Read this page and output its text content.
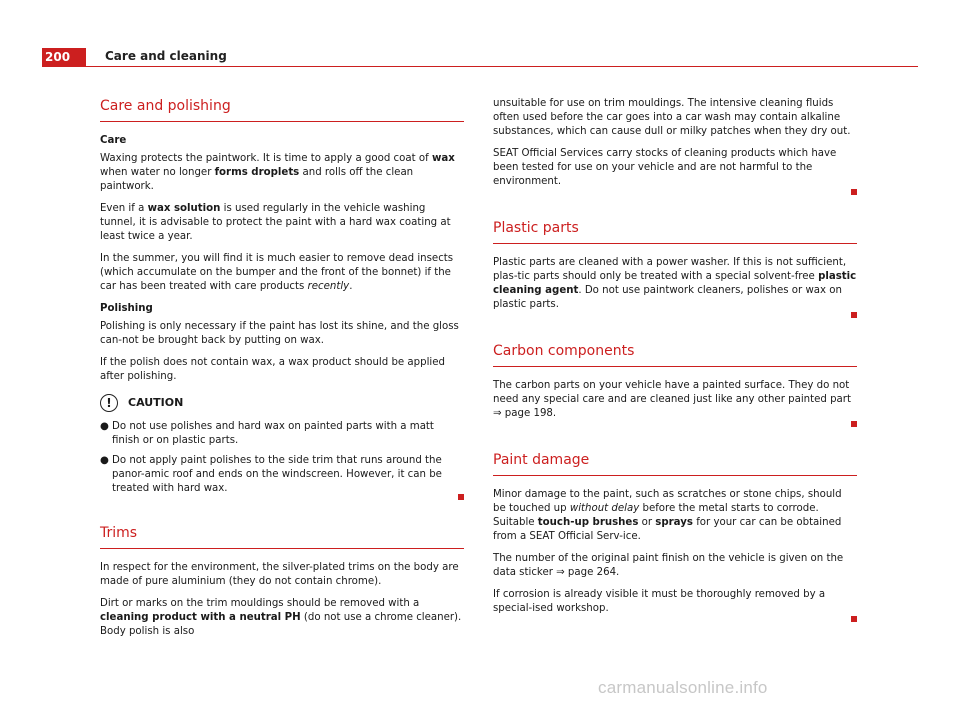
200	Care and cleaning
Care and polishing
Care

Waxing protects the paintwork. It is time to apply a good coat of wax when water no longer forms droplets and rolls off the clean paintwork.

Even if a wax solution is used regularly in the vehicle washing tunnel, it is advisable to protect the paint with a hard wax coating at least twice a year.

In the summer, you will find it is much easier to remove dead insects (which accumulate on the bumper and the front of the bonnet) if the car has been treated with care products recently.

Polishing

Polishing is only necessary if the paint has lost its shine, and the gloss can-not be brought back by putting on wax.

If the polish does not contain wax, a wax product should be applied after polishing.

!	CAUTION
● Do not use polishes and hard wax on painted parts with a matt finish or on plastic parts.
● Do not apply paint polishes to the side trim that runs around the panor-amic roof and ends on the windscreen. However, it can be treated with hard wax.
Trims

In respect for the environment, the silver-plated trims on the body are made of pure aluminium (they do not contain chrome).

Dirt or marks on the trim mouldings should be removed with a cleaning product with a neutral PH (do not use a chrome cleaner). Body polish is also

unsuitable for use on trim mouldings. The intensive cleaning fluids often used before the car goes into a car wash may contain alkaline substances, which can cause dull or milky patches when they dry out.

SEAT Official Services carry stocks of cleaning products which have been tested for use on your vehicle and are not harmful to the environment.

Plastic parts

Plastic parts are cleaned with a power washer. If this is not sufficient, plas-tic parts should only be treated with a special solvent-free plastic cleaning agent. Do not use paintwork cleaners, polishes or wax on plastic parts.

Carbon components

The carbon parts on your vehicle have a painted surface. They do not need any special care and are cleaned just like any other painted part ⇒ page 198.

Paint damage

Minor damage to the paint, such as scratches or stone chips, should be touched up without delay before the metal starts to corrode. Suitable touch-up brushes or sprays for your car can be obtained from a SEAT Official Serv-ice.

The number of the original paint finish on the vehicle is given on the data sticker ⇒ page 264.

If corrosion is already visible it must be thoroughly removed by a special-ised workshop.

carmanualsonline.info
